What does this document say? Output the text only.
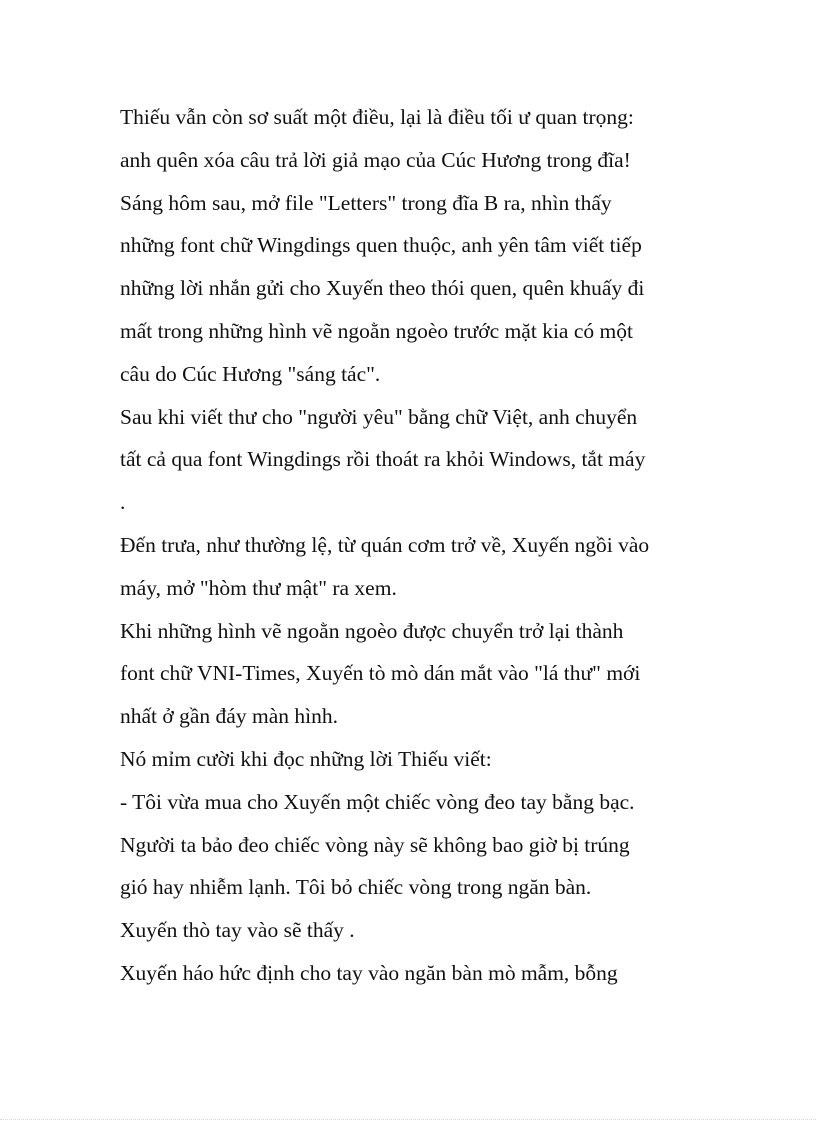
Thiếu vẫn còn sơ suất một điều, lại là điều tối ư quan trọng:
anh quên xóa câu trả lời giả mạo của Cúc Hương trong đĩa!
Sáng hôm sau, mở file "Letters" trong đĩa B ra, nhìn thấy
những font chữ Wingdings quen thuộc, anh yên tâm viết tiếp
những lời nhắn gửi cho Xuyến theo thói quen, quên khuấy đi
mất trong những hình vẽ ngoằn ngoèo trước mặt kia có một
câu do Cúc Hương "sáng tác".
Sau khi viết thư cho "người yêu" bằng chữ Việt, anh chuyển
tất cả qua font Wingdings rồi thoát ra khỏi Windows, tắt máy
.
Đến trưa, như thường lệ, từ quán cơm trở về, Xuyến ngồi vào
máy, mở "hòm thư mật" ra xem.
Khi những hình vẽ ngoằn ngoèo được chuyển trở lại thành
font chữ VNI-Times, Xuyến tò mò dán mắt vào "lá thư" mới
nhất ở gần đáy màn hình.
Nó mỉm cười khi đọc những lời Thiếu viết:
- Tôi vừa mua cho Xuyến một chiếc vòng đeo tay bằng bạc.
Người ta bảo đeo chiếc vòng này sẽ không bao giờ bị trúng
gió hay nhiễm lạnh. Tôi bỏ chiếc vòng trong ngăn bàn.
Xuyến thò tay vào sẽ thấy .
Xuyến háo hức định cho tay vào ngăn bàn mò mẫm, bỗng
